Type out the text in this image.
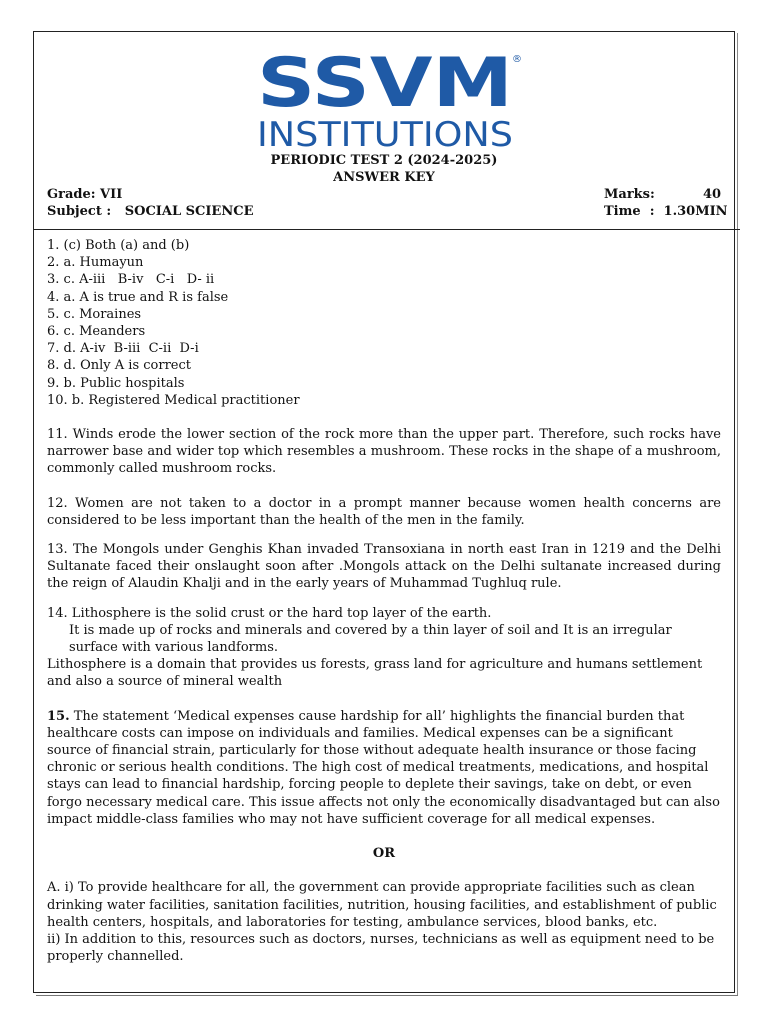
SSVM ®
INSTITUTIONS
PERIODIC TEST 2 (2024-2025)
ANSWER KEY
Grade: VII
Subject :   SOCIAL SCIENCE
Marks:	40
Time  :  1.30MIN
1. (c) Both (a) and (b)
2. a. Humayun
3. c. A-iii   B-iv   C-i   D- ii
4. a. A is true and R is false
5. c. Moraines
6. c. Meanders
7. d. A-iv  B-iii  C-ii  D-i
8. d. Only A is correct
9. b. Public hospitals
10. b. Registered Medical practitioner

11. Winds erode the lower section of the rock more than the upper part. Therefore, such rocks have narrower base and wider top which resembles a mushroom. These rocks in the shape of a mushroom, commonly called mushroom rocks.

12. Women are not taken to a doctor in a prompt manner because women health concerns are considered to be less important than the health of the men in the family.

13. The Mongols under Genghis Khan invaded Transoxiana in north east Iran in 1219 and the Delhi Sultanate faced their onslaught soon after .Mongols attack on the Delhi sultanate increased during the reign of Alaudin Khalji and in the early years of Muhammad Tughluq rule.

14. Lithosphere is the solid crust or the hard top layer of the earth.

It is made up of rocks and minerals and covered by a thin layer of soil and It is an irregular surface with various landforms.

Lithosphere is a domain that provides us forests, grass land for agriculture and humans settlement and also a source of mineral wealth

15. The statement ‘Medical expenses cause hardship for all’ highlights the financial burden that healthcare costs can impose on individuals and families. Medical expenses can be a significant source of financial strain, particularly for those without adequate health insurance or those facing chronic or serious health conditions. The high cost of medical treatments, medications, and hospital stays can lead to financial hardship, forcing people to deplete their savings, take on debt, or even forgo necessary medical care. This issue affects not only the economically disadvantaged but can also impact middle-class families who may not have sufficient coverage for all medical expenses.

OR

A. i) To provide healthcare for all, the government can provide appropriate facilities such as clean drinking water facilities, sanitation facilities, nutrition, housing facilities, and establishment of public health centers, hospitals, and laboratories for testing, ambulance services, blood banks, etc.

ii) In addition to this, resources such as doctors, nurses, technicians as well as equipment need to be properly channelled.
